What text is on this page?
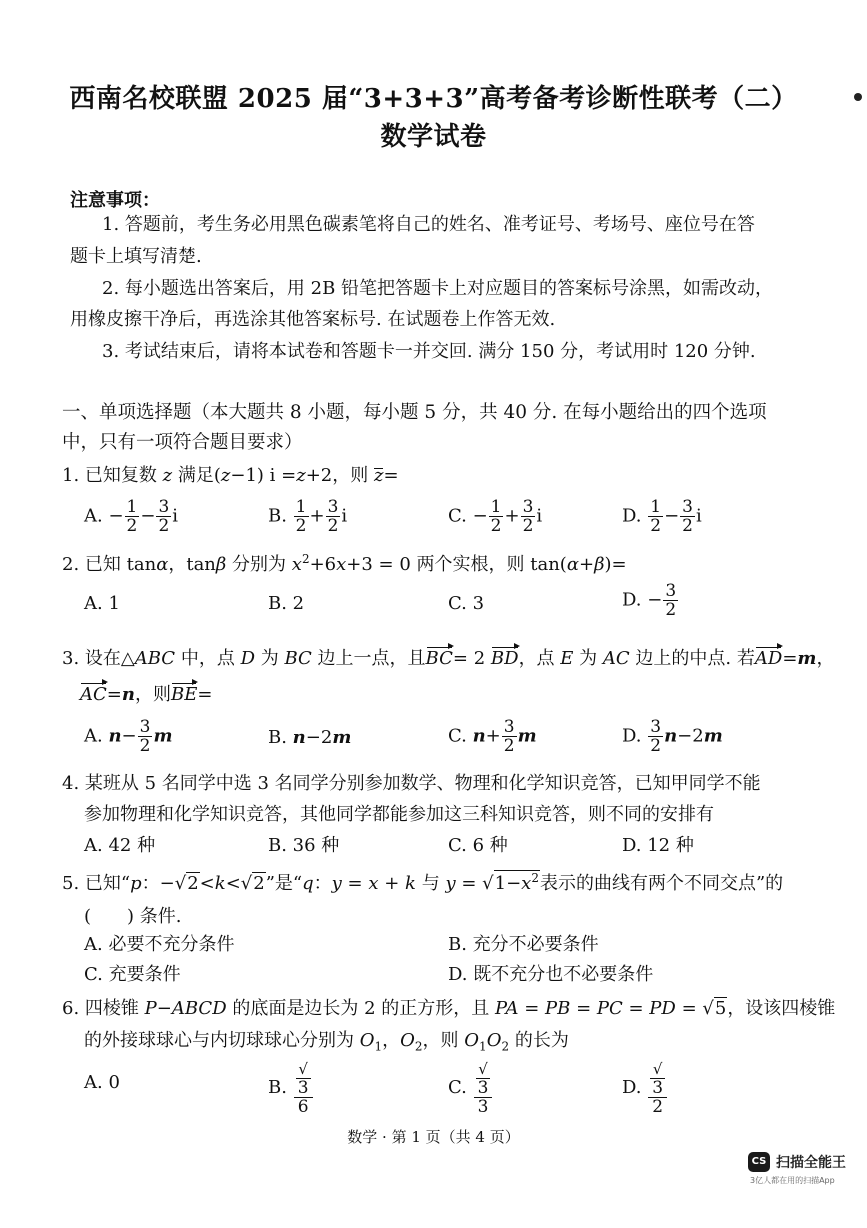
西南名校联盟 2025 届“3+3+3”高考备考诊断性联考（二）
数学试卷
注意事项：
1. 答题前，考生务必用黑色碳素笔将自己的姓名、准考证号、考场号、座位号在答
题卡上填写清楚.
2. 每小题选出答案后，用 2B 铅笔把答题卡上对应题目的答案标号涂黑，如需改动，
用橡皮擦干净后，再选涂其他答案标号. 在试题卷上作答无效.
3. 考试结束后，请将本试卷和答题卡一并交回. 满分 150 分，考试用时 120 分钟.
一、单项选择题（本大题共 8 小题，每小题 5 分，共 40 分. 在每小题给出的四个选项
中，只有一项符合题目要求）
1. 已知复数 z 满足(z−1) i =z+2，则 z=
A. − $\frac{1}{2} - \frac{3}{2}$ i	B. $\frac{1}{2} + \frac{3}{2}$ i	C. − $\frac{1}{2} + \frac{3}{2}$ i	D. $\frac{1}{2} - \frac{3}{2}$ i
2. 已知 tanα，tanβ 分别为 $x^2+6x+3 = 0$ 两个实根，则 tan(α+β)=
A. 1	B. 2	C. 3	D. − $\frac{3}{2}$
3. 设在△ABC 中，点 D 为 BC 边上一点，且BC= 2 BD，点 E 为 AC 边上的中点. 若AD=m，
AC=n，则BE=
A. $n- \frac{3}{2}$ m	B. n−2m	C. $n+ \frac{3}{2}$ m	D. $\frac{3}{2} n-2m$
4. 某班从 5 名同学中选 3 名同学分别参加数学、物理和化学知识竞答，已知甲同学不能
参加物理和化学知识竞答，其他同学都能参加这三科知识竞答，则不同的安排有
A. 42 种	B. 36 种	C. 6 种	D. 12 种
5. 已知“p：−√2<k<√2”是“q：y = x + k 与 $y = √1-x^2$表示的曲线有两个不同交点”的
(　　) 条件.
A. 必要不充分条件	B. 充分不必要条件
C. 充要条件	D. 既不充分也不必要条件
6. 四棱锥 P−ABCD 的底面是边长为 2 的正方形，且 PA = PB = PC = PD = √5，设该四棱锥
的外接球球心与内切球球心分别为 $O_1$，$O_2$，则 $O_1O_2$ 的长为
A. 0	B. √
3
6	C. √
3
3	D. √
3
2
数学 · 第 1 页（共 4 页）
CS 扫描全能王
3亿人都在用的扫描App
